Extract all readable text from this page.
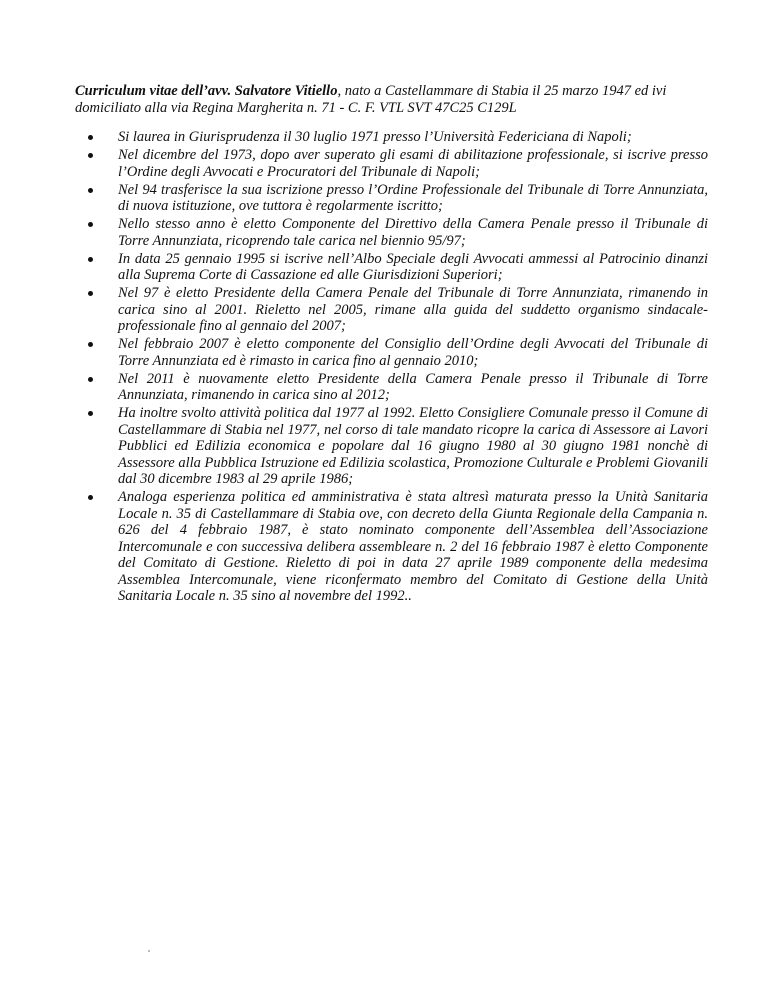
Curriculum vitae dell’avv. Salvatore Vitiello, nato a Castellammare di Stabia il 25 marzo 1947 ed ivi domiciliato alla via Regina Margherita n. 71 - C. F. VTL SVT 47C25 C129L
Si laurea in Giurisprudenza il 30 luglio 1971 presso l’Università Federiciana di Napoli;
Nel dicembre del 1973, dopo aver superato gli esami di abilitazione professionale, si iscrive presso l’Ordine degli Avvocati e Procuratori del Tribunale di Napoli;
Nel 94 trasferisce la sua iscrizione presso l’Ordine Professionale del Tribunale di Torre Annunziata, di nuova istituzione, ove tuttora è regolarmente iscritto;
Nello stesso anno è eletto Componente del Direttivo della Camera Penale presso il Tribunale di Torre Annunziata, ricoprendo tale carica nel biennio 95/97;
In data 25 gennaio 1995 si iscrive nell’Albo Speciale degli Avvocati ammessi al Patrocinio dinanzi alla Suprema Corte di Cassazione ed alle Giurisdizioni Superiori;
Nel 97 è eletto Presidente della Camera Penale del Tribunale di Torre Annunziata, rimanendo in carica sino al 2001. Rieletto nel 2005, rimane alla guida del suddetto organismo sindacale-professionale fino al gennaio del 2007;
Nel febbraio 2007 è eletto componente del Consiglio dell’Ordine degli Avvocati del Tribunale di Torre Annunziata ed è rimasto in carica fino al gennaio 2010;
Nel 2011 è nuovamente eletto Presidente della Camera Penale presso il Tribunale di Torre Annunziata, rimanendo in carica sino al 2012;
Ha inoltre svolto attività politica dal 1977 al 1992. Eletto Consigliere Comunale presso il Comune di Castellammare di Stabia nel 1977, nel corso di tale mandato ricopre la carica di Assessore ai Lavori Pubblici ed Edilizia economica e popolare dal 16 giugno 1980 al 30 giugno 1981 nonchè di Assessore alla Pubblica Istruzione ed Edilizia scolastica, Promozione Culturale e Problemi Giovanili dal 30 dicembre 1983 al 29 aprile 1986;
Analoga esperienza politica ed amministrativa è stata altresì maturata presso la Unità Sanitaria Locale n. 35 di Castellammare di Stabia ove, con decreto della Giunta Regionale della Campania n. 626 del 4 febbraio 1987, è stato nominato componente dell’Assemblea dell’Associazione Intercomunale e con successiva delibera assembleare n. 2 del 16 febbraio 1987 è eletto Componente del Comitato di Gestione. Rieletto di poi in data 27 aprile 1989 componente della medesima Assemblea Intercomunale, viene riconfermato membro del Comitato di Gestione della Unità Sanitaria Locale n. 35 sino al novembre del 1992..
